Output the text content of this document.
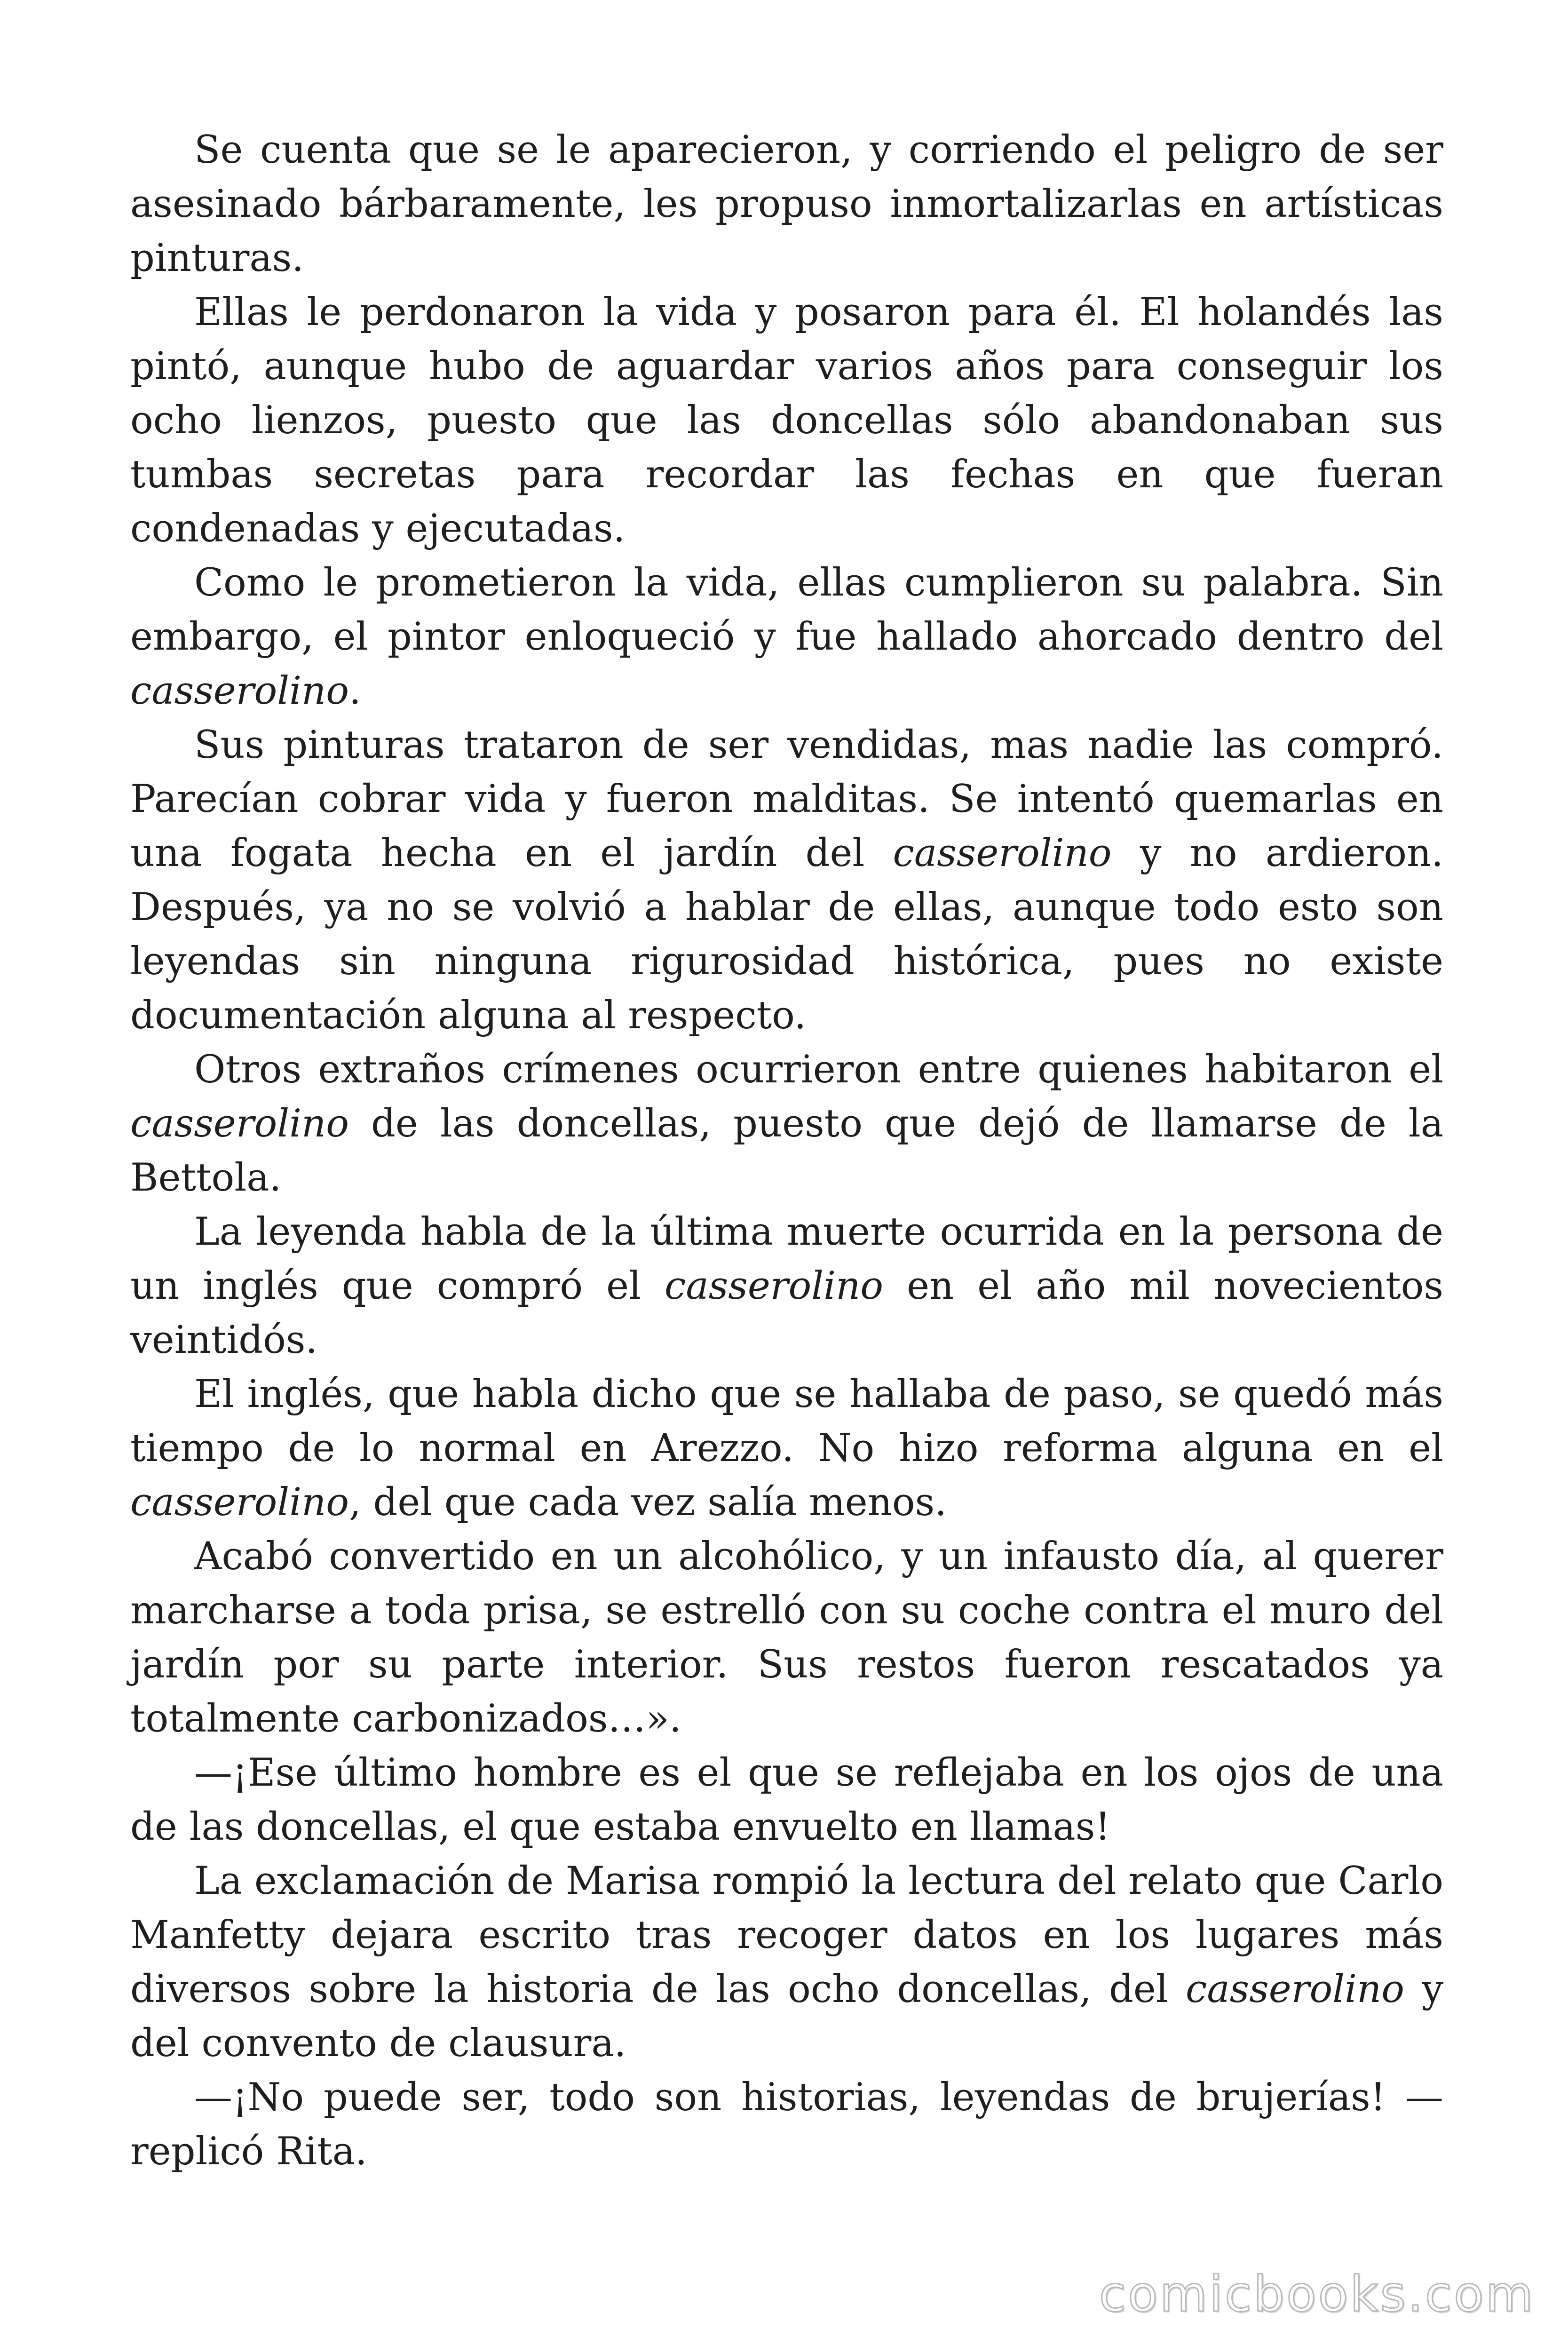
Se cuenta que se le aparecieron, y corriendo el peligro de ser asesinado bárbaramente, les propuso inmortalizarlas en artísticas pinturas.

Ellas le perdonaron la vida y posaron para él. El holandés las pintó, aunque hubo de aguardar varios años para conseguir los ocho lienzos, puesto que las doncellas sólo abandonaban sus tumbas secretas para recordar las fechas en que fueran condenadas y ejecutadas.

Como le prometieron la vida, ellas cumplieron su palabra. Sin embargo, el pintor enloqueció y fue hallado ahorcado dentro del casserolino.

Sus pinturas trataron de ser vendidas, mas nadie las compró. Parecían cobrar vida y fueron malditas. Se intentó quemarlas en una fogata hecha en el jardín del casserolino y no ardieron. Después, ya no se volvió a hablar de ellas, aunque todo esto son leyendas sin ninguna rigurosidad histórica, pues no existe documentación alguna al respecto.

Otros extraños crímenes ocurrieron entre quienes habitaron el casserolino de las doncellas, puesto que dejó de llamarse de la Bettola.

La leyenda habla de la última muerte ocurrida en la persona de un inglés que compró el casserolino en el año mil novecientos veintidós.

El inglés, que habla dicho que se hallaba de paso, se quedó más tiempo de lo normal en Arezzo. No hizo reforma alguna en el casserolino, del que cada vez salía menos.

Acabó convertido en un alcohólico, y un infausto día, al querer marcharse a toda prisa, se estrelló con su coche contra el muro del jardín por su parte interior. Sus restos fueron rescatados ya totalmente carbonizados…».

—¡Ese último hombre es el que se reflejaba en los ojos de una de las doncellas, el que estaba envuelto en llamas!

La exclamación de Marisa rompió la lectura del relato que Carlo Manfetty dejara escrito tras recoger datos en los lugares más diversos sobre la historia de las ocho doncellas, del casserolino y del convento de clausura.

—¡No puede ser, todo son historias, leyendas de brujerías! —replicó Rita.

comicbooks.com
